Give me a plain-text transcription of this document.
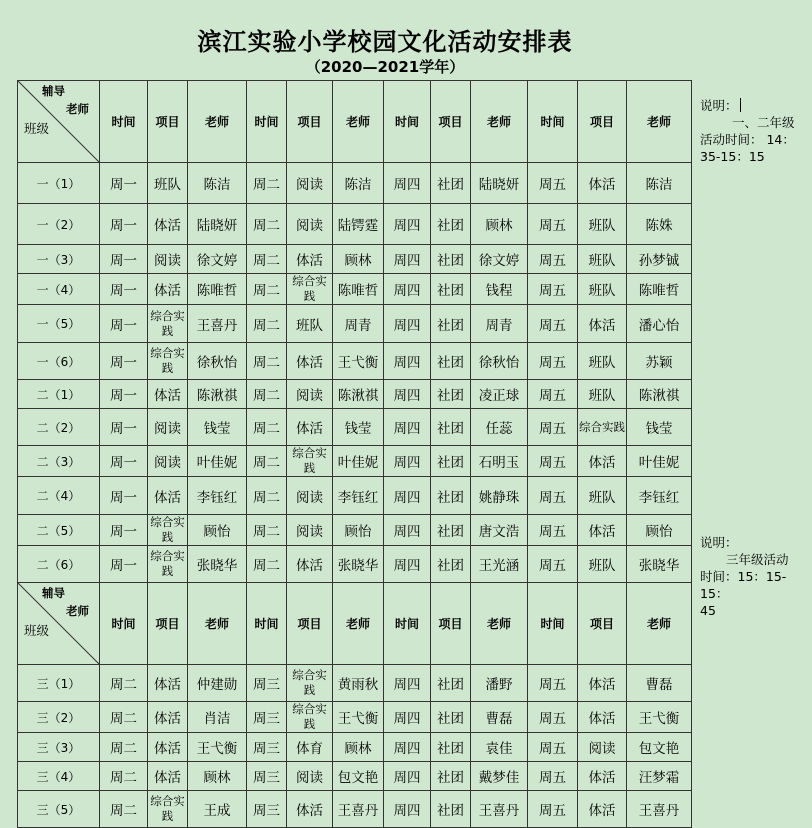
滨江实验小学校园文化活动安排表
（2020—2021学年）
辅导
老师
班级	时间	项目	老师	时间	项目	老师	时间	项目	老师	时间	项目	老师
一（1）	周一	班队	陈洁	周二	阅读	陈洁	周四	社团	陆晓妍	周五	体活	陈洁
一（2）	周一	体活	陆晓妍	周二	阅读	陆锷霆	周四	社团	顾林	周五	班队	陈姝
一（3）	周一	阅读	徐文婷	周二	体活	顾林	周四	社团	徐文婷	周五	班队	孙梦铖
一（4）	周一	体活	陈唯哲	周二	综合实践	陈唯哲	周四	社团	钱程	周五	班队	陈唯哲
一（5）	周一	综合实践	王喜丹	周二	班队	周青	周四	社团	周青	周五	体活	潘心怡
一（6）	周一	综合实践	徐秋怡	周二	体活	王弋衡	周四	社团	徐秋怡	周五	班队	苏颖
二（1）	周一	体活	陈湫祺	周二	阅读	陈湫祺	周四	社团	凌正球	周五	班队	陈湫祺
二（2）	周一	阅读	钱莹	周二	体活	钱莹	周四	社团	任蕊	周五	综合实践	钱莹
二（3）	周一	阅读	叶佳妮	周二	综合实践	叶佳妮	周四	社团	石明玉	周五	体活	叶佳妮
二（4）	周一	体活	李钰红	周二	阅读	李钰红	周四	社团	姚静珠	周五	班队	李钰红
二（5）	周一	综合实践	顾怡	周二	阅读	顾怡	周四	社团	唐文浩	周五	体活	顾怡
二（6）	周一	综合实践	张晓华	周二	体活	张晓华	周四	社团	王光涵	周五	班队	张晓华

辅导
老师
班级	时间	项目	老师	时间	项目	老师	时间	项目	老师	时间	项目	老师
三（1）	周二	体活	仲建勋	周三	综合实践	黄雨秋	周四	社团	潘野	周五	体活	曹磊
三（2）	周二	体活	肖洁	周三	综合实践	王弋衡	周四	社团	曹磊	周五	体活	王弋衡
三（3）	周二	体活	王弋衡	周三	体育	顾林	周四	社团	袁佳	周五	阅读	包文艳
三（4）	周二	体活	顾林	周三	阅读	包文艳	周四	社团	戴梦佳	周五	体活	汪梦霜
三（5）	周二	综合实践	王成	周三	体活	王喜丹	周四	社团	王喜丹	周五	体活	王喜丹
说明：
一、二年级
活动时间： 14：
35-15：15
说明：
三年级活动
时间：15：15-15：
45
